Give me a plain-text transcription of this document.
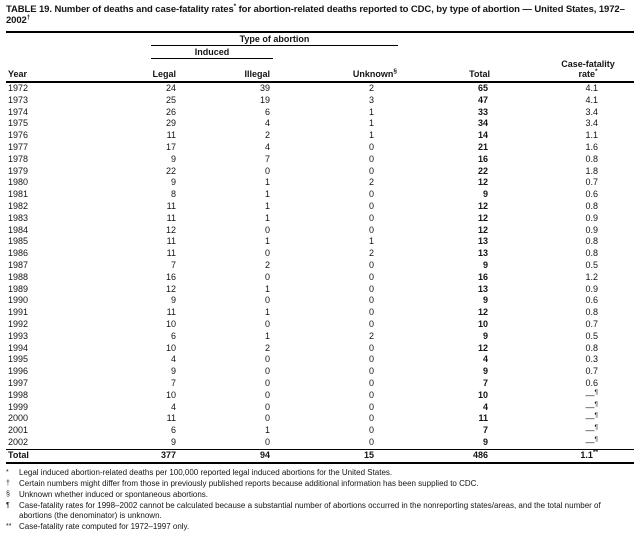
TABLE 19. Number of deaths and case-fatality rates* for abortion-related deaths reported to CDC, by type of abortion — United States, 1972–2002†
Year	Type of abortion			Total	Case-fatality
rate*

	Induced				
	Legal	Illegal	Unknown§
1972	24	39	2	65	4.1
1973	25	19	3	47	4.1
1974	26	6	1	33	3.4
1975	29	4	1	34	3.4
1976	11	2	1	14	1.1
1977	17	4	0	21	1.6
1978	9	7	0	16	0.8
1979	22	0	0	22	1.8
1980	9	1	2	12	0.7
1981	8	1	0	9	0.6
1982	11	1	0	12	0.8
1983	11	1	0	12	0.9
1984	12	0	0	12	0.9
1985	11	1	1	13	0.8
1986	11	0	2	13	0.8
1987	7	2	0	9	0.5
1988	16	0	0	16	1.2
1989	12	1	0	13	0.9
1990	9	0	0	9	0.6
1991	11	1	0	12	0.8
1992	10	0	0	10	0.7
1993	6	1	2	9	0.5
1994	10	2	0	12	0.8
1995	4	0	0	4	0.3
1996	9	0	0	9	0.7
1997	7	0	0	7	0.6
1998	10	0	0	10	—¶
1999	4	0	0	4	—¶
2000	11	0	0	11	—¶
2001	6	1	0	7	—¶
2002	9	0	0	9	—¶
Total	377	94	15	486	1.1**
*	Legal induced abortion-related deaths per 100,000 reported legal induced abortions for the United States.
†	Certain numbers might differ from those in previously published reports because additional information has been supplied to CDC.
§	Unknown whether induced or spontaneous abortions.
¶	Case-fatality rates for 1998–2002 cannot be calculated because a substantial number of abortions occurred in the nonreporting states/areas, and the total number of abortions (the denominator) is unknown.
** Case-fatality rate computed for 1972–1997 only.
